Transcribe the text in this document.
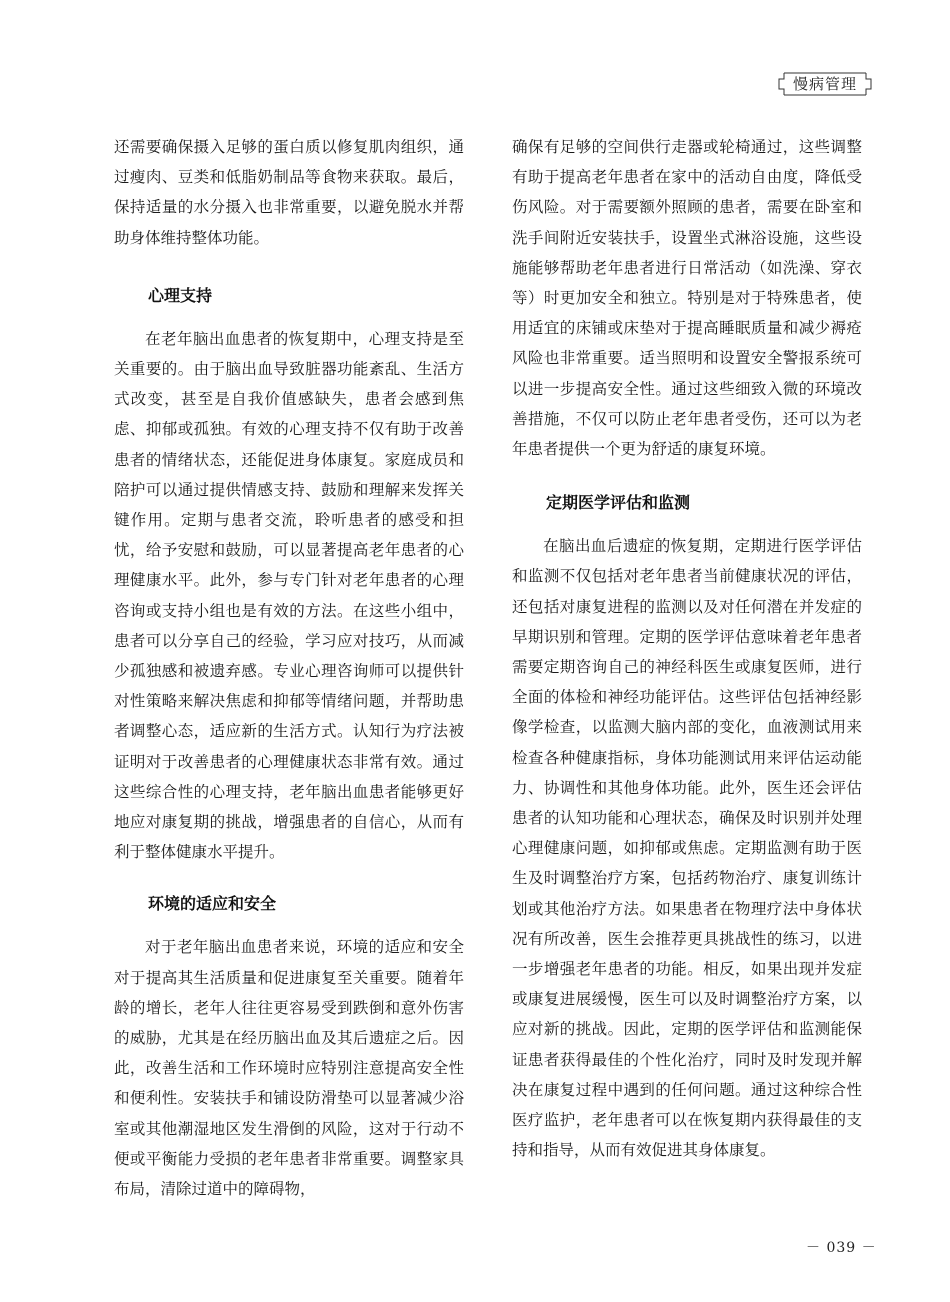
慢病管理

还需要确保摄入足够的蛋白质以修复肌肉组织，通过瘦肉、豆类和低脂奶制品等食物来获取。最后，保持适量的水分摄入也非常重要，以避免脱水并帮助身体维持整体功能。

心理支持

在老年脑出血患者的恢复期中，心理支持是至关重要的。由于脑出血导致脏器功能紊乱、生活方式改变，甚至是自我价值感缺失，患者会感到焦虑、抑郁或孤独。有效的心理支持不仅有助于改善患者的情绪状态，还能促进身体康复。家庭成员和陪护可以通过提供情感支持、鼓励和理解来发挥关键作用。定期与患者交流，聆听患者的感受和担忧，给予安慰和鼓励，可以显著提高老年患者的心理健康水平。此外，参与专门针对老年患者的心理咨询或支持小组也是有效的方法。在这些小组中，患者可以分享自己的经验，学习应对技巧，从而减少孤独感和被遗弃感。专业心理咨询师可以提供针对性策略来解决焦虑和抑郁等情绪问题，并帮助患者调整心态，适应新的生活方式。认知行为疗法被证明对于改善患者的心理健康状态非常有效。通过这些综合性的心理支持，老年脑出血患者能够更好地应对康复期的挑战，增强患者的自信心，从而有利于整体健康水平提升。

环境的适应和安全

对于老年脑出血患者来说，环境的适应和安全对于提高其生活质量和促进康复至关重要。随着年龄的增长，老年人往往更容易受到跌倒和意外伤害的威胁，尤其是在经历脑出血及其后遗症之后。因此，改善生活和工作环境时应特别注意提高安全性和便利性。安装扶手和铺设防滑垫可以显著减少浴室或其他潮湿地区发生滑倒的风险，这对于行动不便或平衡能力受损的老年患者非常重要。调整家具布局，清除过道中的障碍物，

确保有足够的空间供行走器或轮椅通过，这些调整有助于提高老年患者在家中的活动自由度，降低受伤风险。对于需要额外照顾的患者，需要在卧室和洗手间附近安装扶手，设置坐式淋浴设施，这些设施能够帮助老年患者进行日常活动（如洗澡、穿衣等）时更加安全和独立。特别是对于特殊患者，使用适宜的床铺或床垫对于提高睡眠质量和减少褥疮风险也非常重要。适当照明和设置安全警报系统可以进一步提高安全性。通过这些细致入微的环境改善措施，不仅可以防止老年患者受伤，还可以为老年患者提供一个更为舒适的康复环境。

定期医学评估和监测

在脑出血后遗症的恢复期，定期进行医学评估和监测不仅包括对老年患者当前健康状况的评估，还包括对康复进程的监测以及对任何潜在并发症的早期识别和管理。定期的医学评估意味着老年患者需要定期咨询自己的神经科医生或康复医师，进行全面的体检和神经功能评估。这些评估包括神经影像学检查，以监测大脑内部的变化，血液测试用来检查各种健康指标，身体功能测试用来评估运动能力、协调性和其他身体功能。此外，医生还会评估患者的认知功能和心理状态，确保及时识别并处理心理健康问题，如抑郁或焦虑。定期监测有助于医生及时调整治疗方案，包括药物治疗、康复训练计划或其他治疗方法。如果患者在物理疗法中身体状况有所改善，医生会推荐更具挑战性的练习，以进一步增强老年患者的功能。相反，如果出现并发症或康复进展缓慢，医生可以及时调整治疗方案，以应对新的挑战。因此，定期的医学评估和监测能保证患者获得最佳的个性化治疗，同时及时发现并解决在康复过程中遇到的任何问题。通过这种综合性医疗监护，老年患者可以在恢复期内获得最佳的支持和指导，从而有效促进其身体康复。

－ 039 －
